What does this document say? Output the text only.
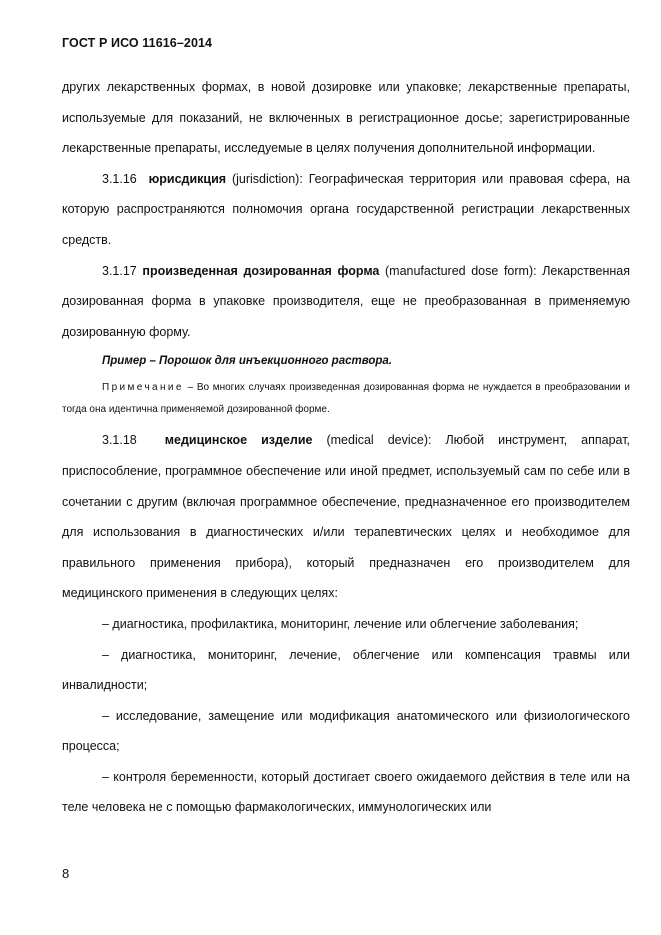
ГОСТ Р ИСО 11616–2014

других лекарственных формах, в новой дозировке или упаковке; лекарственные препараты, используемые для показаний, не включенных в регистрационное досье; зарегистрированные лекарственные препараты, исследуемые в целях получения дополнительной информации.

3.1.16 юрисдикция (jurisdiction): Географическая территория или правовая сфера, на которую распространяются полномочия органа государственной регистрации лекарственных средств.

3.1.17 произведенная дозированная форма (manufactured dose form): Лекарственная дозированная форма в упаковке производителя, еще не преобразованная в применяемую дозированную форму.

Пример – Порошок для инъекционного раствора.

Примечание – Во многих случаях произведенная дозированная форма не нуждается в преобразовании и тогда она идентична применяемой дозированной форме.

3.1.18 медицинское изделие (medical device): Любой инструмент, аппарат, приспособление, программное обеспечение или иной предмет, используемый сам по себе или в сочетании с другим (включая программное обеспечение, предназначенное его производителем для использования в диагностических и/или терапевтических целях и необходимое для правильного применения прибора), который предназначен его производителем для медицинского применения в следующих целях:

– диагностика, профилактика, мониторинг, лечение или облегчение заболевания;

– диагностика, мониторинг, лечение, облегчение или компенсация травмы или инвалидности;

– исследование, замещение или модификация анатомического или физиологического процесса;

– контроля беременности, который достигает своего ожидаемого действия в теле или на теле человека не с помощью фармакологических, иммунологических или

8
